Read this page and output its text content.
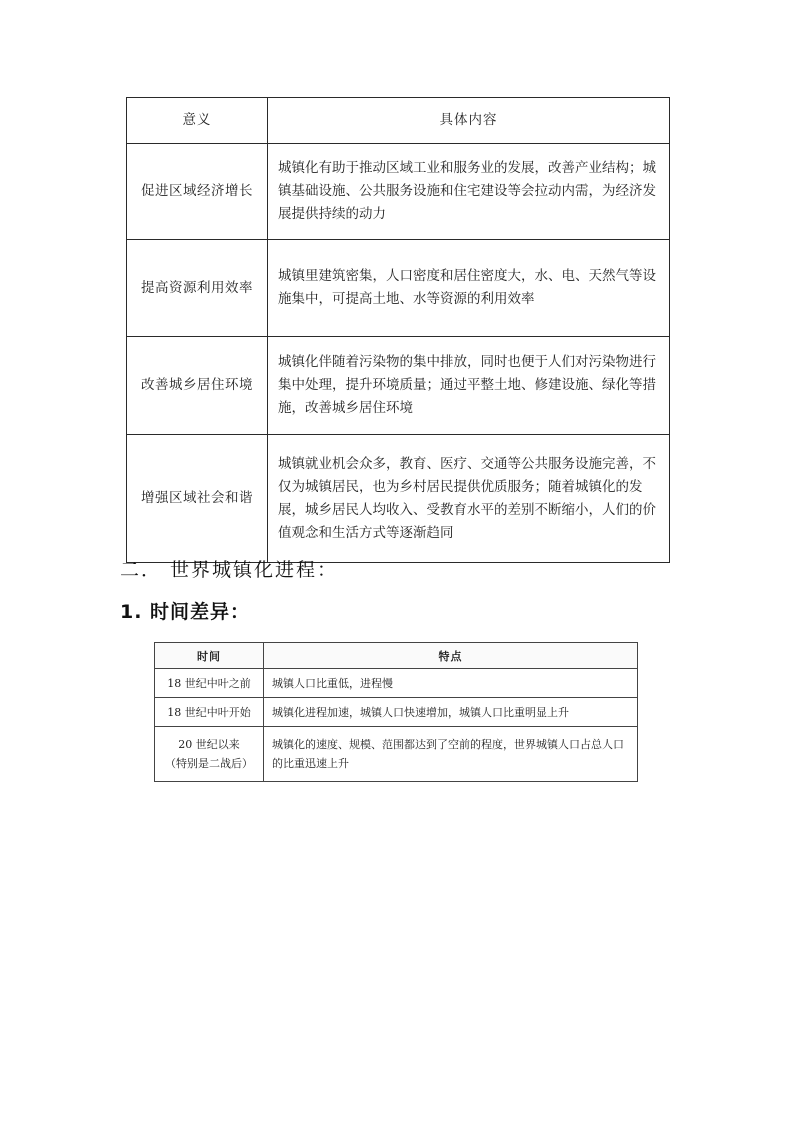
意义	具体内容
促进区域经济增长	城镇化有助于推动区域工业和服务业的发展，改善产业结构；城镇基础设施、公共服务设施和住宅建设等会拉动内需，为经济发展提供持续的动力
提高资源利用效率	城镇里建筑密集，人口密度和居住密度大，水、电、天然气等设施集中，可提高土地、水等资源的利用效率
改善城乡居住环境	城镇化伴随着污染物的集中排放，同时也便于人们对污染物进行集中处理，提升环境质量；通过平整土地、修建设施、绿化等措施，改善城乡居住环境
增强区域社会和谐	城镇就业机会众多，教育、医疗、交通等公共服务设施完善，不仅为城镇居民，也为乡村居民提供优质服务；随着城镇化的发展，城乡居民人均收入、受教育水平的差别不断缩小，人们的价值观念和生活方式等逐渐趋同
二． 世界城镇化进程：
1. 时间差异：
时间	特点
18 世纪中叶之前	城镇人口比重低，进程慢
18 世纪中叶开始	城镇化进程加速，城镇人口快速增加，城镇人口比重明显上升

20 世纪以来
（特别是二战后）	城镇化的速度、规模、范围都达到了空前的程度，世界城镇人口占总人口的比重迅速上升
